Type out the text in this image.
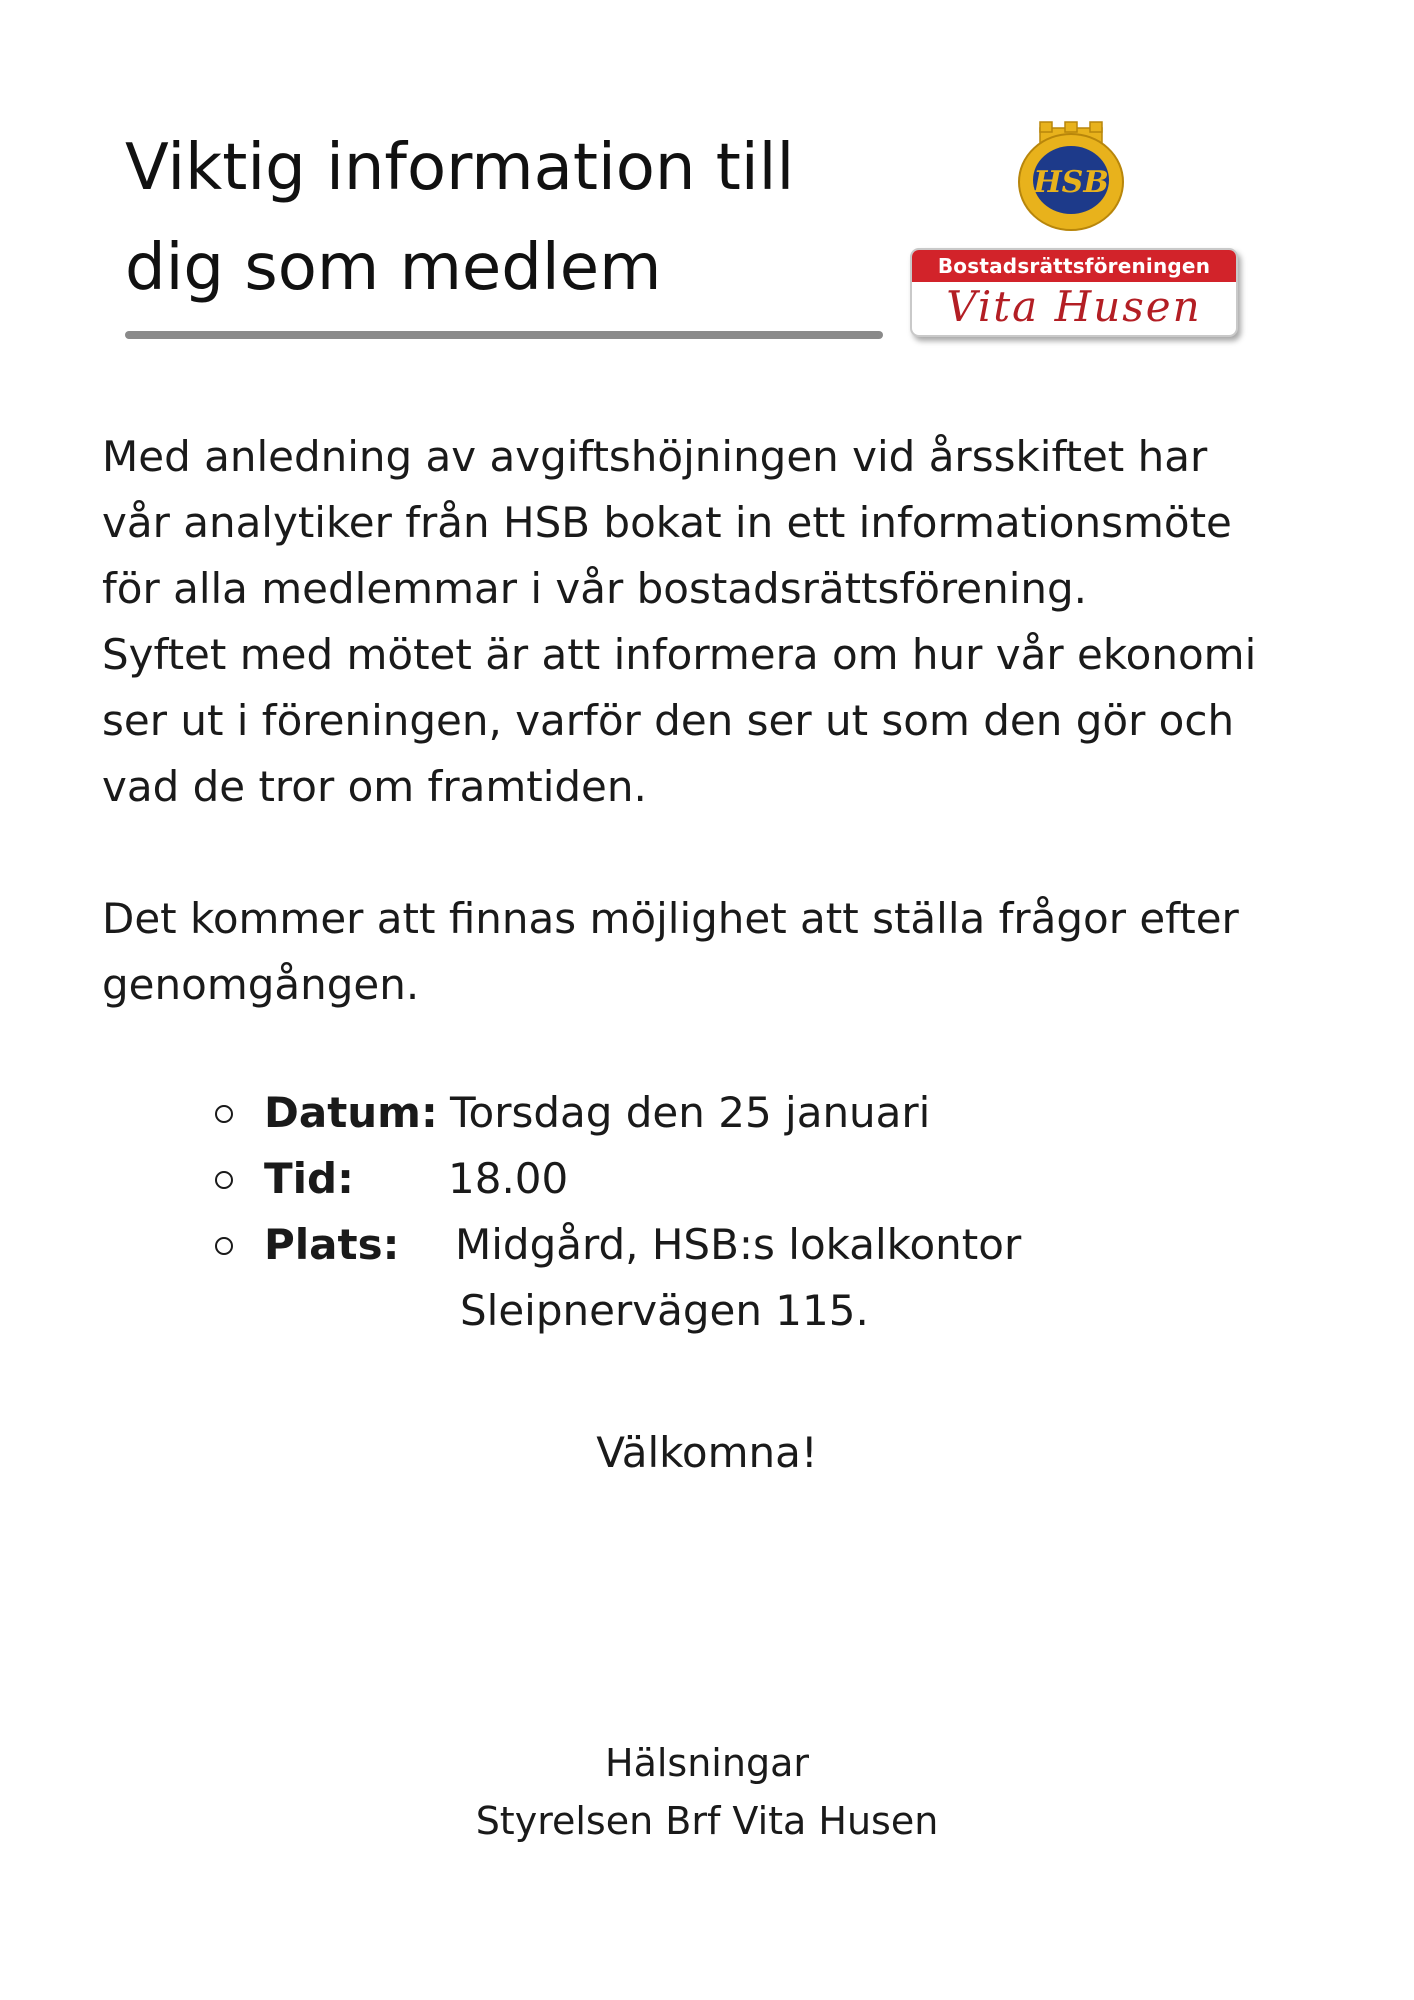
Viktig information till
dig som medlem
HSB
Bostadsrättsföreningen
Vita Husen

Med anledning av avgiftshöjningen vid årsskiftet har

vår analytiker från HSB bokat in ett informationsmöte

för alla medlemmar i vår bostadsrättsförening.

Syftet med mötet är att informera om hur vår ekonomi

ser ut i föreningen, varför den ser ut som den gör och

vad de tror om framtiden.

Det kommer att finnas möjlighet att ställa frågor efter

genomgången.

Datum: Torsdag den 25 januari
Tid: 18.00
Plats: Midgård, HSB:s lokalkontor
Sleipnervägen 115.
Välkomna!
Hälsningar
Styrelsen Brf Vita Husen
